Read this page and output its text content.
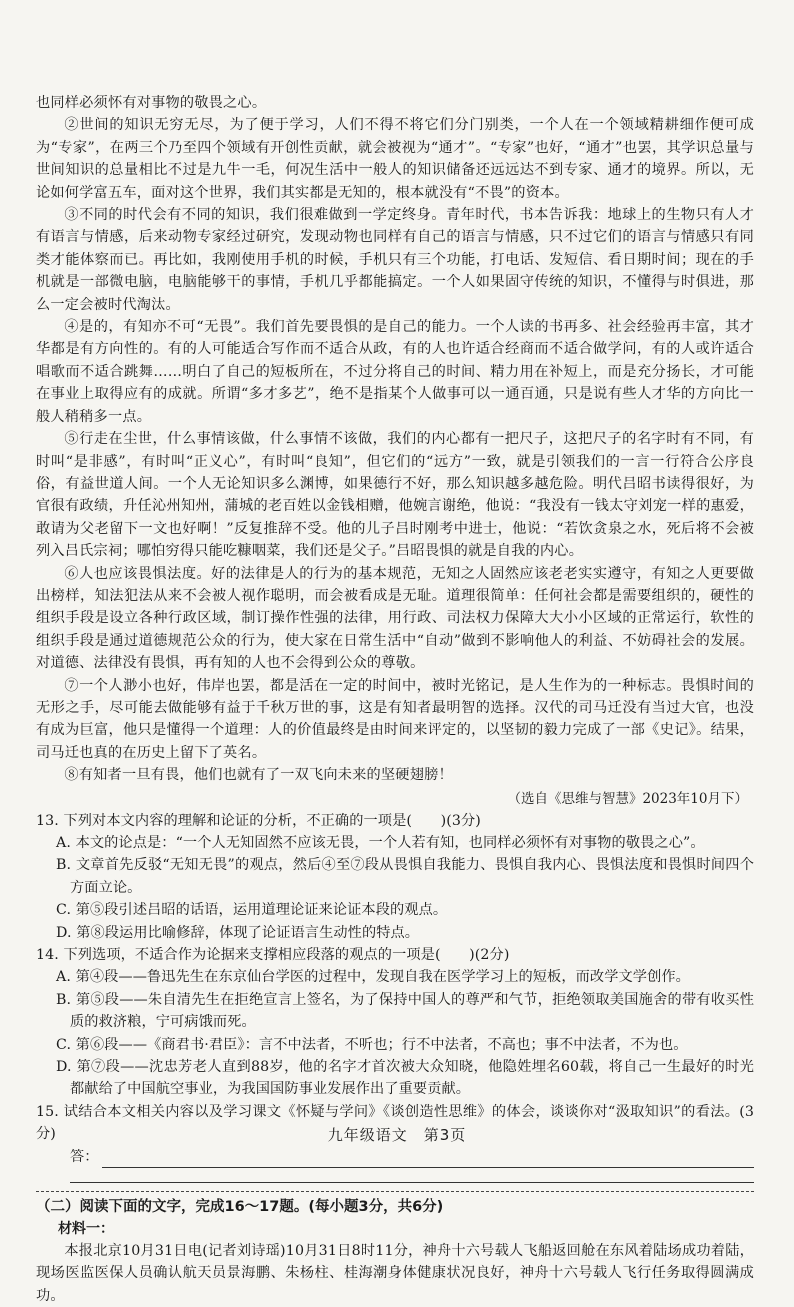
也同样必须怀有对事物的敬畏之心。

②世间的知识无穷无尽，为了便于学习，人们不得不将它们分门别类，一个人在一个领域精耕细作便可成为“专家”，在两三个乃至四个领域有开创性贡献，就会被视为“通才”。“专家”也好，“通才”也罢，其学识总量与世间知识的总量相比不过是九牛一毛，何况生活中一般人的知识储备还远远达不到专家、通才的境界。所以，无论如何学富五车，面对这个世界，我们其实都是无知的，根本就没有“不畏”的资本。

③不同的时代会有不同的知识，我们很难做到一学定终身。青年时代，书本告诉我：地球上的生物只有人才有语言与情感，后来动物专家经过研究，发现动物也同样有自己的语言与情感，只不过它们的语言与情感只有同类才能体察而已。再比如，我刚使用手机的时候，手机只有三个功能，打电话、发短信、看日期时间；现在的手机就是一部微电脑，电脑能够干的事情，手机几乎都能搞定。一个人如果固守传统的知识，不懂得与时俱进，那么一定会被时代淘汰。

④是的，有知亦不可“无畏”。我们首先要畏惧的是自己的能力。一个人读的书再多、社会经验再丰富，其才华都是有方向性的。有的人可能适合写作而不适合从政，有的人也许适合经商而不适合做学问，有的人或许适合唱歌而不适合跳舞……明白了自己的短板所在，不过分将自己的时间、精力用在补短上，而是充分扬长，才可能在事业上取得应有的成就。所谓“多才多艺”，绝不是指某个人做事可以一通百通，只是说有些人才华的方向比一般人稍稍多一点。

⑤行走在尘世，什么事情该做，什么事情不该做，我们的内心都有一把尺子，这把尺子的名字时有不同，有时叫“是非感”，有时叫“正义心”，有时叫“良知”，但它们的“远方”一致，就是引领我们的一言一行符合公序良俗，有益世道人间。一个人无论知识多么渊博，如果德行不好，那么知识越多越危险。明代吕昭书读得很好，为官很有政绩，升任沁州知州，蒲城的老百姓以金钱相赠，他婉言谢绝，他说：“我没有一钱太守刘宠一样的惠爱，敢请为父老留下一文也好啊！”反复推辞不受。他的儿子吕时刚考中进士，他说：“若饮贪泉之水，死后将不会被列入吕氏宗祠；哪怕穷得只能吃糠咽菜，我们还是父子。”吕昭畏惧的就是自我的内心。

⑥人也应该畏惧法度。好的法律是人的行为的基本规范，无知之人固然应该老老实实遵守，有知之人更要做出榜样，知法犯法从来不会被人视作聪明，而会被看成是无耻。道理很简单：任何社会都是需要组织的，硬性的组织手段是设立各种行政区域，制订操作性强的法律，用行政、司法权力保障大大小小区域的正常运行，软性的组织手段是通过道德规范公众的行为，使大家在日常生活中“自动”做到不影响他人的利益、不妨碍社会的发展。对道德、法律没有畏惧，再有知的人也不会得到公众的尊敬。

⑦一个人渺小也好，伟岸也罢，都是活在一定的时间中，被时光铭记，是人生作为的一种标志。畏惧时间的无形之手，尽可能去做能够有益于千秋万世的事，这是有知者最明智的选择。汉代的司马迁没有当过大官，也没有成为巨富，他只是懂得一个道理：人的价值最终是由时间来评定的，以坚韧的毅力完成了一部《史记》。结果，司马迁也真的在历史上留下了英名。

⑧有知者一旦有畏，他们也就有了一双飞向未来的坚硬翅膀！

（选自《思维与智慧》2023年10月下）

13. 下列对本文内容的理解和论证的分析，不正确的一项是(　　)(3分)

A. 本文的论点是：“一个人无知固然不应该无畏，一个人若有知，也同样必须怀有对事物的敬畏之心”。

B. 文章首先反驳“无知无畏”的观点，然后④至⑦段从畏惧自我能力、畏惧自我内心、畏惧法度和畏惧时间四个方面立论。

C. 第⑤段引述吕昭的话语，运用道理论证来论证本段的观点。

D. 第⑧段运用比喻修辞，体现了论证语言生动性的特点。

14. 下列选项，不适合作为论据来支撑相应段落的观点的一项是(　　)(2分)

A. 第④段——鲁迅先生在东京仙台学医的过程中，发现自我在医学学习上的短板，而改学文学创作。

B. 第⑤段——朱自清先生在拒绝宣言上签名，为了保持中国人的尊严和气节，拒绝领取美国施舍的带有收买性质的救济粮，宁可病饿而死。

C. 第⑥段——《商君书·君臣》：言不中法者，不听也；行不中法者，不高也；事不中法者，不为也。

D. 第⑦段——沈忠芳老人直到88岁，他的名字才首次被大众知晓，他隐姓埋名60载，将自己一生最好的时光都献给了中国航空事业，为我国国防事业发展作出了重要贡献。

15. 试结合本文相关内容以及学习课文《怀疑与学问》《谈创造性思维》的体会，谈谈你对“汲取知识”的看法。(3分)

答：

（二）阅读下面的文字，完成16～17题。(每小题3分，共6分)

材料一：

本报北京10月31日电(记者刘诗瑶)10月31日8时11分，神舟十六号载人飞船返回舱在东风着陆场成功着陆，现场医监医保人员确认航天员景海鹏、朱杨柱、桂海潮身体健康状况良好，神舟十六号载人飞行任务取得圆满成功。

九年级语文　第3页
